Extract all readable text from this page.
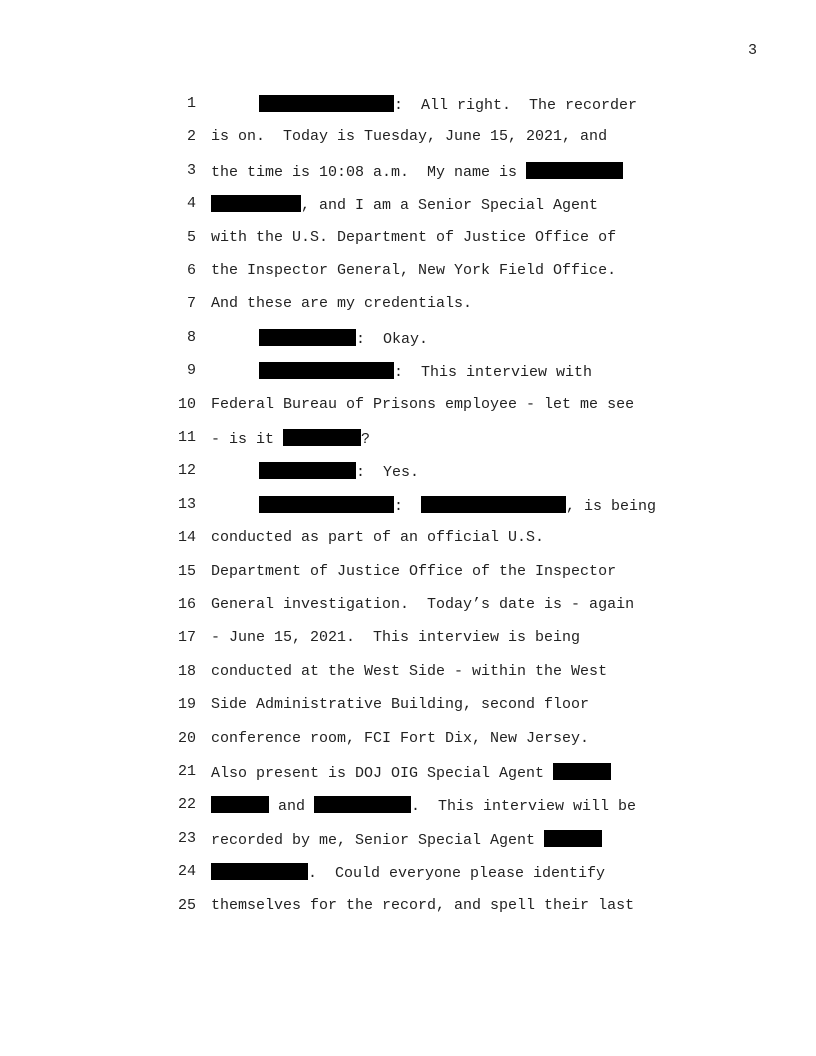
3
1	:  All right.  The recorder
2 is on.  Today is Tuesday, June 15, 2021, and
3 the time is 10:08 a.m.  My name is
4	, and I am a Senior Special Agent
5 with the U.S. Department of Justice Office of
6 the Inspector General, New York Field Office.
7 And these are my credentials.
8	:  Okay.
9	:  This interview with
10 Federal Bureau of Prisons employee - let me see
11 - is it	?
12	:  Yes.
13	:	, is being
14 conducted as part of an official U.S.
15 Department of Justice Office of the Inspector
16 General investigation.  Today’s date is - again
17 - June 15, 2021.  This interview is being
18 conducted at the West Side - within the West
19 Side Administrative Building, second floor
20 conference room, FCI Fort Dix, New Jersey.
21 Also present is DOJ OIG Special Agent
22	and	.  This interview will be
23 recorded by me, Senior Special Agent
24	.  Could everyone please identify
25 themselves for the record, and spell their last
